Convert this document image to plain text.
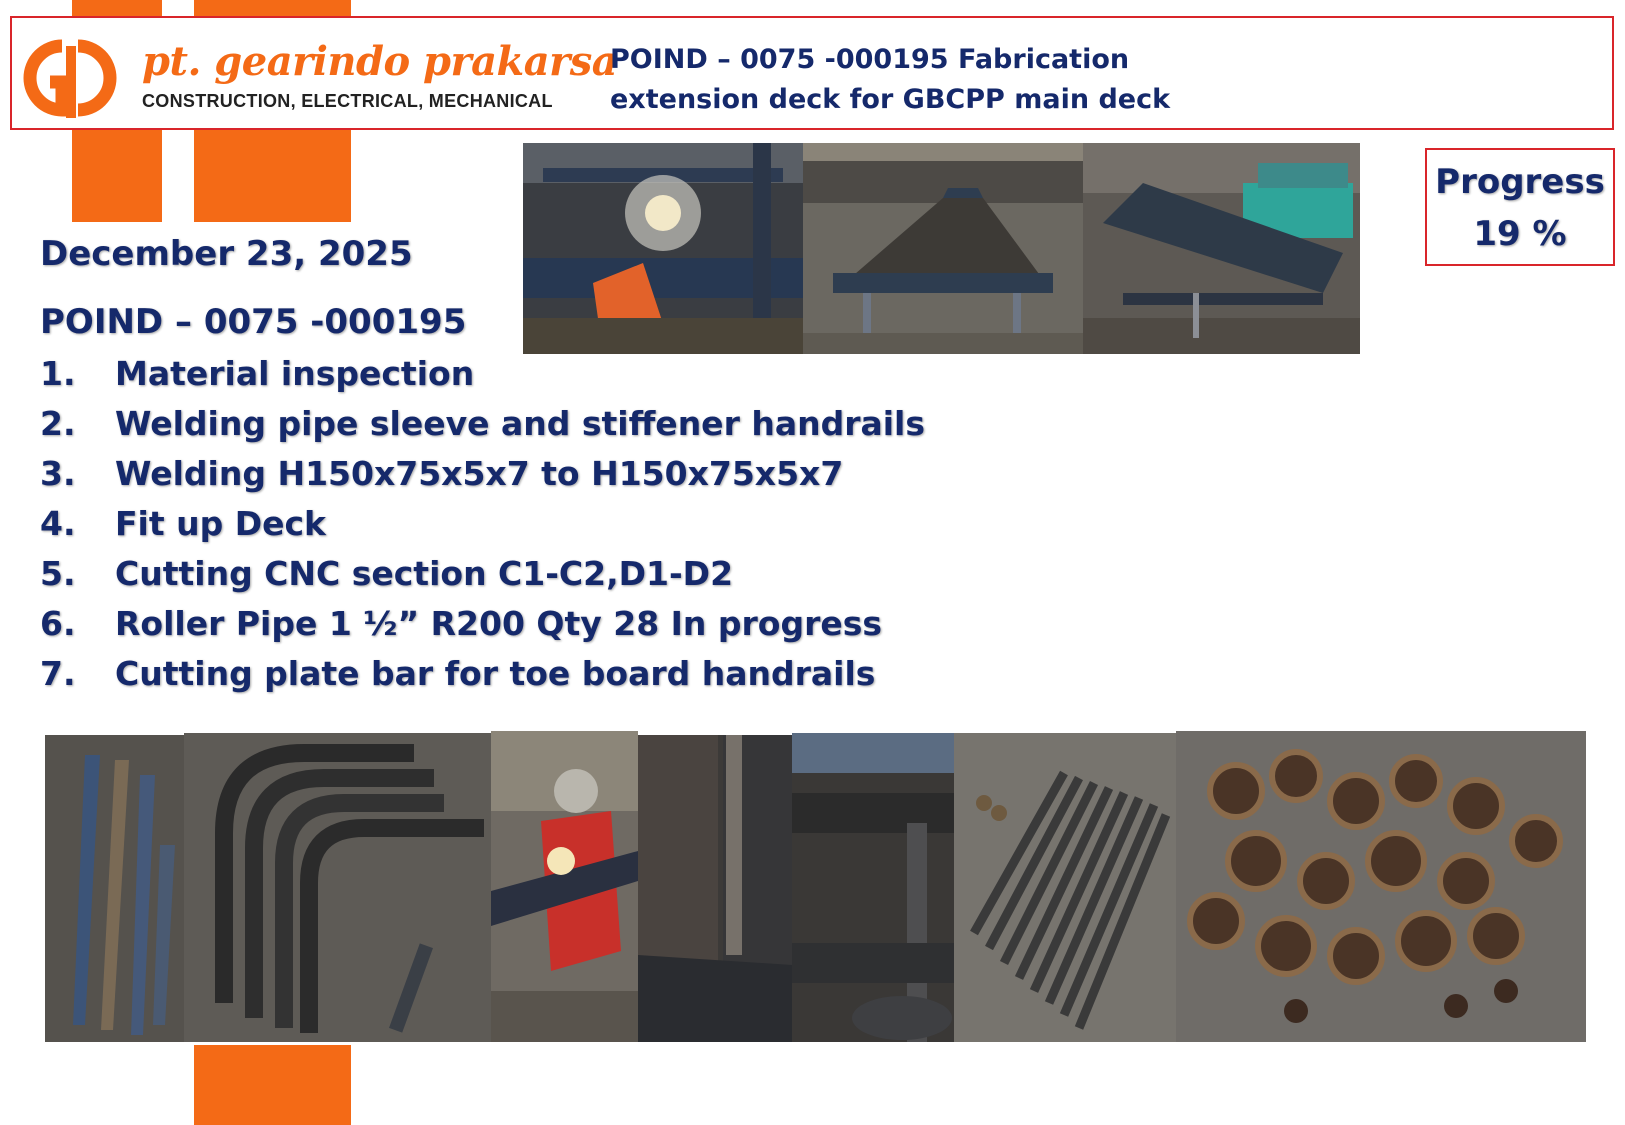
pt. gearindo prakarsa
CONSTRUCTION, ELECTRICAL, MECHANICAL
POIND – 0075 -000195 Fabrication
extension deck for GBCPP main deck
Progress
19 %
December 23, 2025
POIND – 0075 -000195
1. Material inspection
2. Welding pipe sleeve and stiffener handrails
3. Welding H150x75x5x7 to H150x75x5x7
4. Fit up Deck
5. Cutting CNC section C1-C2,D1-D2
6. Roller Pipe 1 ½” R200 Qty 28 In progress
7. Cutting plate bar for toe board handrails
